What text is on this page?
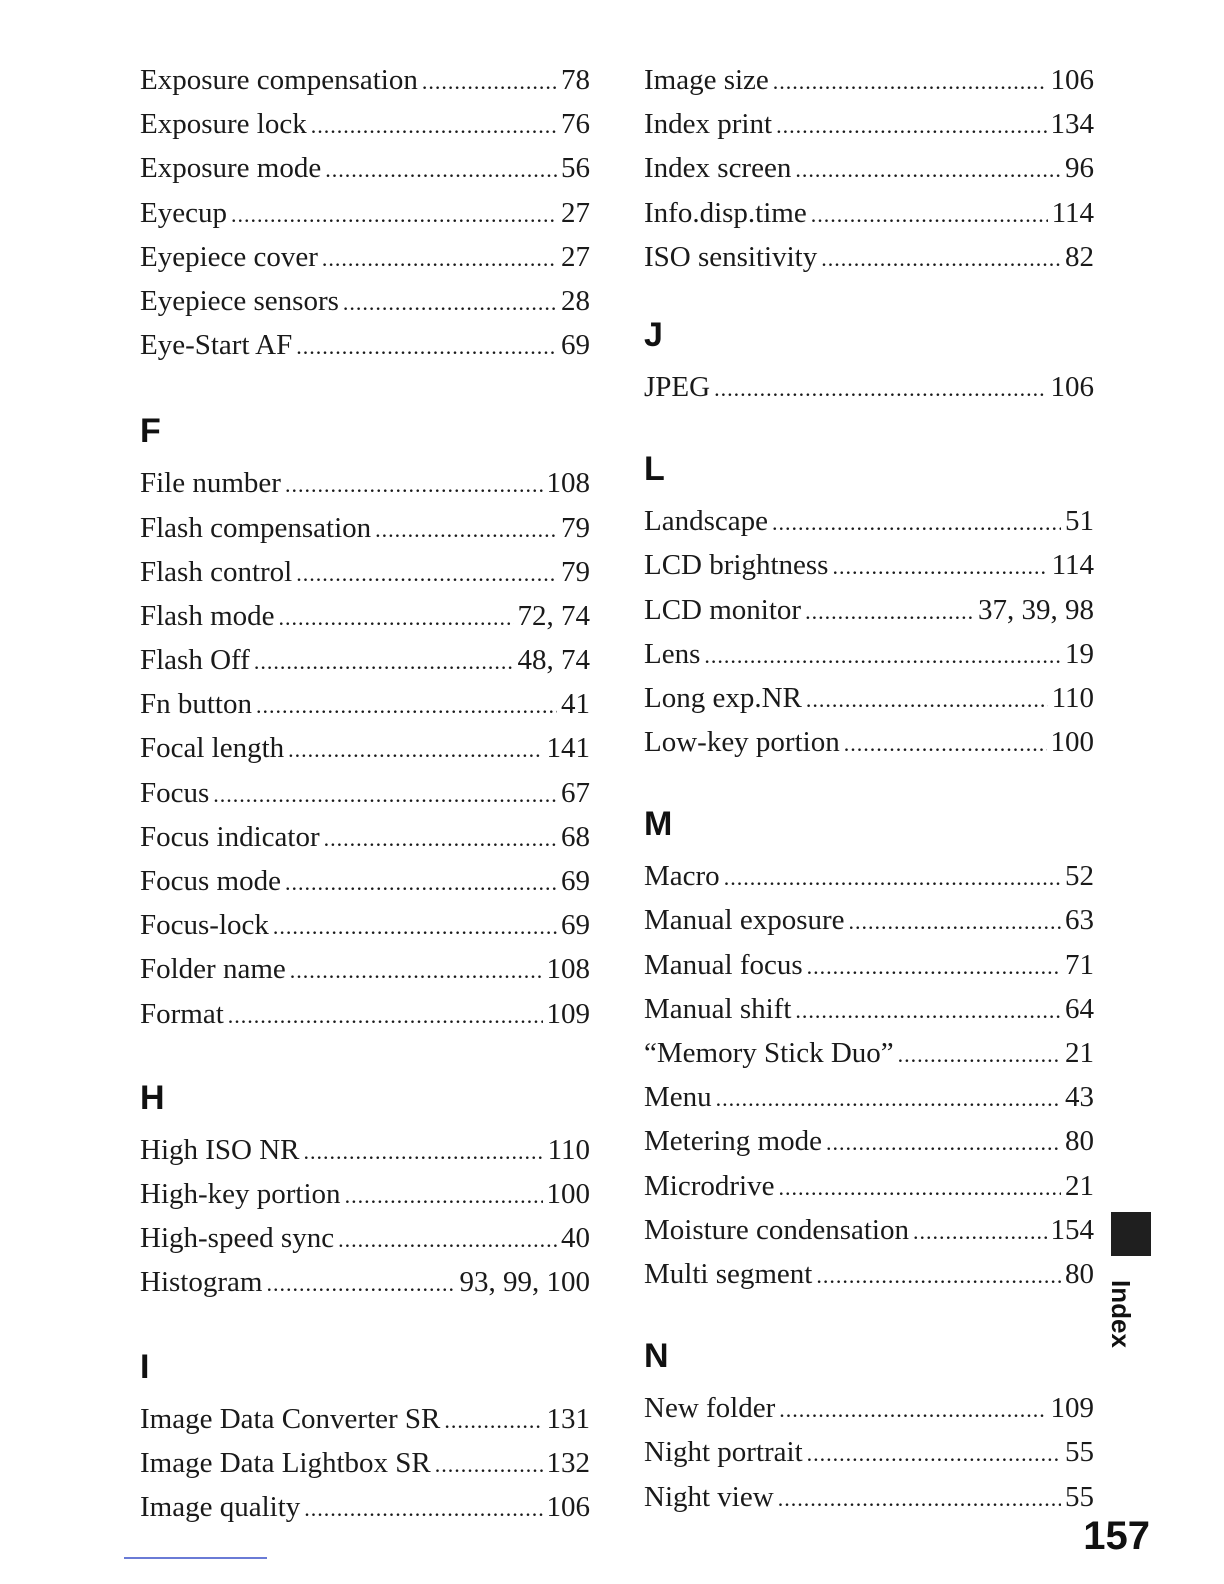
Exposure compensation .....	78
Exposure lock .....	76
Exposure mode .....	56
Eyecup .....	27
Eyepiece cover .....	27
Eyepiece sensors .....	28
Eye-Start AF .....	69
F
File number .....	108
Flash compensation .....	79
Flash control .....	79
Flash mode .....	72, 74
Flash Off .....	48, 74
Fn button .....	41
Focal length .....	141
Focus .....	67
Focus indicator .....	68
Focus mode .....	69
Focus-lock .....	69
Folder name .....	108
Format .....	109
H
High ISO NR .....	110
High-key portion .....	100
High-speed sync .....	40
Histogram .....	93, 99, 100
I
Image Data Converter SR .....	131
Image Data Lightbox SR .....	132
Image quality .....	106
Image size .....	106
Index print .....	134
Index screen .....	96
Info.disp.time .....	114
ISO sensitivity .....	82
J
JPEG .....	106
L
Landscape .....	51
LCD brightness .....	114
LCD monitor .....	37, 39, 98
Lens .....	19
Long exp.NR .....	110
Low-key portion .....	100
M
Macro .....	52
Manual exposure .....	63
Manual focus .....	71
Manual shift .....	64
“Memory Stick Duo” .....	21
Menu .....	43
Metering mode .....	80
Microdrive .....	21
Moisture condensation .....	154
Multi segment .....	80
N
New folder .....	109
Night portrait .....	55
Night view .....	55
Index
157
